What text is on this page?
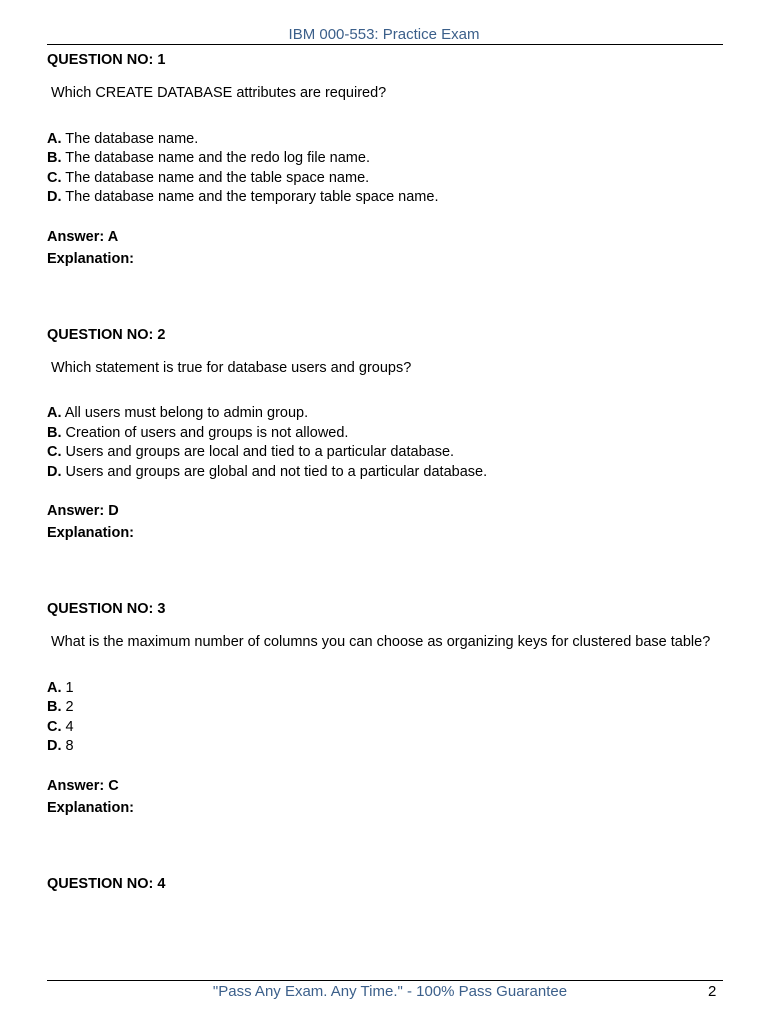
IBM 000-553: Practice Exam
QUESTION NO: 1
Which CREATE DATABASE attributes are required?
A. The database name.
B. The database name and the redo log file name.
C. The database name and the table space name.
D. The database name and the temporary table space name.
Answer: A
Explanation:
QUESTION NO: 2
Which statement is true for database users and groups?
A. All users must belong to admin group.
B. Creation of users and groups is not allowed.
C. Users and groups are local and tied to a particular database.
D. Users and groups are global and not tied to a particular database.
Answer: D
Explanation:
QUESTION NO: 3
What is the maximum number of columns you can choose as organizing keys for clustered base table?
A. 1
B. 2
C. 4
D. 8
Answer: C
Explanation:
QUESTION NO: 4
"Pass Any Exam. Any Time." - 100% Pass Guarantee	2
